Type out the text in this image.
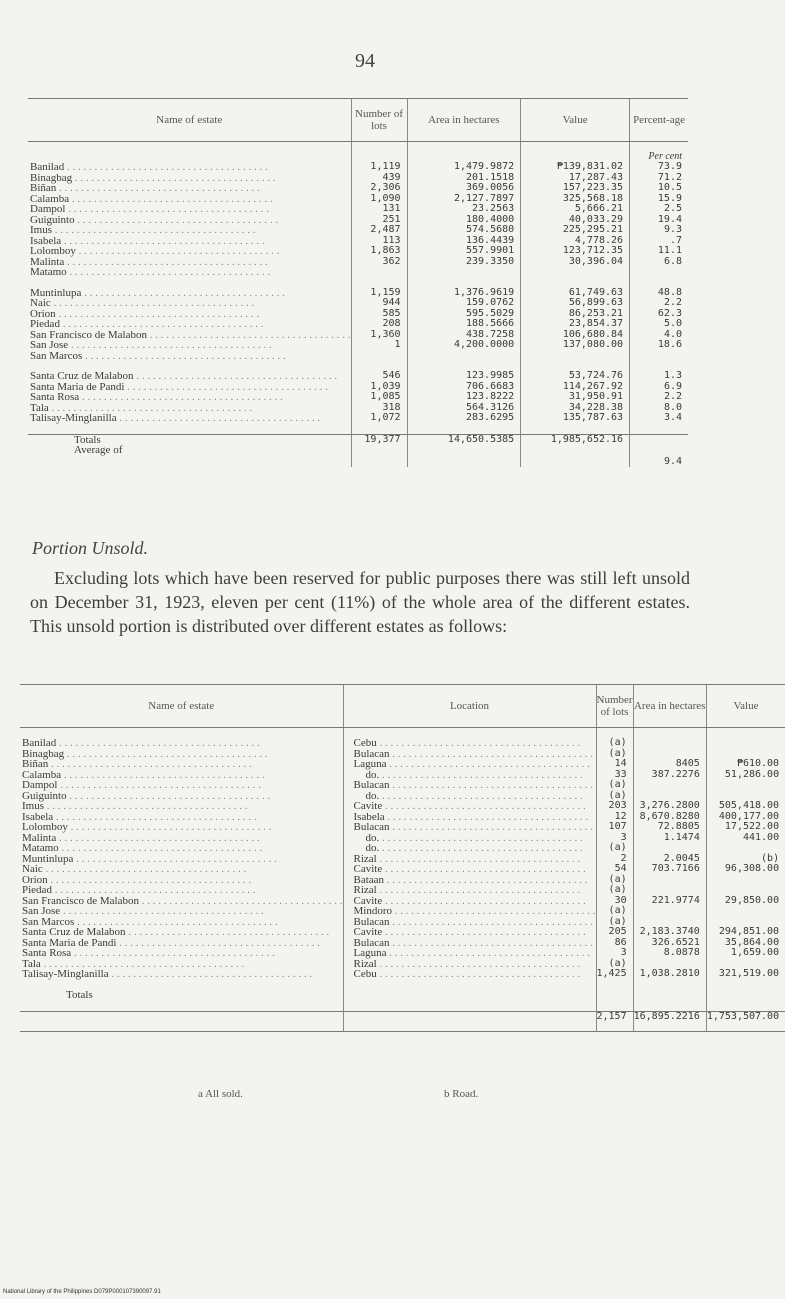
94
Name of estate	Number of lots	Area in hectares	Value	Percent-age
				Per cent
Banilad . . .	1,119	1,479.9872	₱139,831.02	73.9
Binagbag . . .	439	201.1518	17,287.43	71.2
Biñan . . .	2,306	369.0056	157,223.35	10.5
Calamba . . .	1,090	2,127.7897	325,568.18	15.9
Dampol . . .	131	23.2563	5,666.21	2.5
Guiguinto . . .	251	180.4000	40,033.29	19.4
Imus . . .	2,487	574.5680	225,295.21	9.3
Isabela . . .	113	136.4439	4,778.26	.7
Lolomboy . . .	1,863	557.9901	123,712.35	11.1
Malinta . . .	362	239.3350	30,396.04	6.8
Matamo . . .				

Muntinlupa . . .	1,159	1,376.9619	61,749.63	48.8
Naic . . .	944	159.0762	56,899.63	2.2
Orion . . .	585	595.5029	86,253.21	62.3
Piedad . . .	208	188.5666	23,854.37	5.0
San Francisco de Malabon . . .	1,360	438.7258	106,680.84	4.0
San Jose . . .	1	4,200.0000	137,080.00	18.6
San Marcos . . .				

Santa Cruz de Malabon . . .	546	123.9985	53,724.76	1.3
Santa Maria de Pandi . . .	1,039	706.6683	114,267.92	6.9
Santa Rosa . . .	1,085	123.8222	31,950.91	2.2
Tala . . .	318	564.3126	34,228.38	8.0
Talisay-Minglanilla . . .	1,072	283.6295	135,787.63	3.4

Totals	19,377	14,650.5385	1,985,652.16	
Average of				9.4
Portion Unsold.
Excluding lots which have been reserved for public purposes there was still left unsold on December 31, 1923, eleven per cent (11%) of the whole area of the different estates. This unsold portion is distributed over different estates as follows:
Name of estate	Location	Number of lots	Area in hectares	Value

Banilad . . .	Cebu . . .	(a)		
Binagbag . . .	Bulacan . . .	(a)		
Biñan . . .	Laguna . . .	14	8405	₱610.00
Calamba . . .	do. . . .	33	387.2276	51,286.00
Dampol . . .	Bulacan . . .	(a)		
Guiguinto . . .	do. . . .	(a)		
Imus . . .	Cavite . . .	203	3,276.2800	505,418.00
Isabela . . .	Isabela . . .	12	8,670.8280	400,177.00
Lolomboy . . .	Bulacan . . .	107	72.8805	17,522.00
Malinta . . .	do. . . .	3	1.1474	441.00
Matamo . . .	do. . . .	(a)		
Muntinlupa . . .	Rizal . . .	2	2.0045	(b)
Naic . . .	Cavite . . .	54	703.7166	96,308.00
Orion . . .	Bataan . . .	(a)		
Piedad . . .	Rizal . . .	(a)		
San Francisco de Malabon . . .	Cavite . . .	30	221.9774	29,850.00
San Jose . . .	Mindoro . . .	(a)		
San Marcos . . .	Bulacan . . .	(a)		
Santa Cruz de Malabon . . .	Cavite . . .	205	2,183.3740	294,851.00
Santa Maria de Pandi . . .	Bulacan . . .	86	326.6521	35,864.00
Santa Rosa . . .	Laguna . . .	3	8.0878	1,659.00
Tala . . .	Rizal . . .	(a)		
Talisay-Minglanilla . . .	Cebu . . .	1,425	1,038.2810	321,519.00

Totals				
		2,157	16,895.2216	1,753,507.00
a All sold.	b Road.
National Library of the Philippines D079P000107390097.91
